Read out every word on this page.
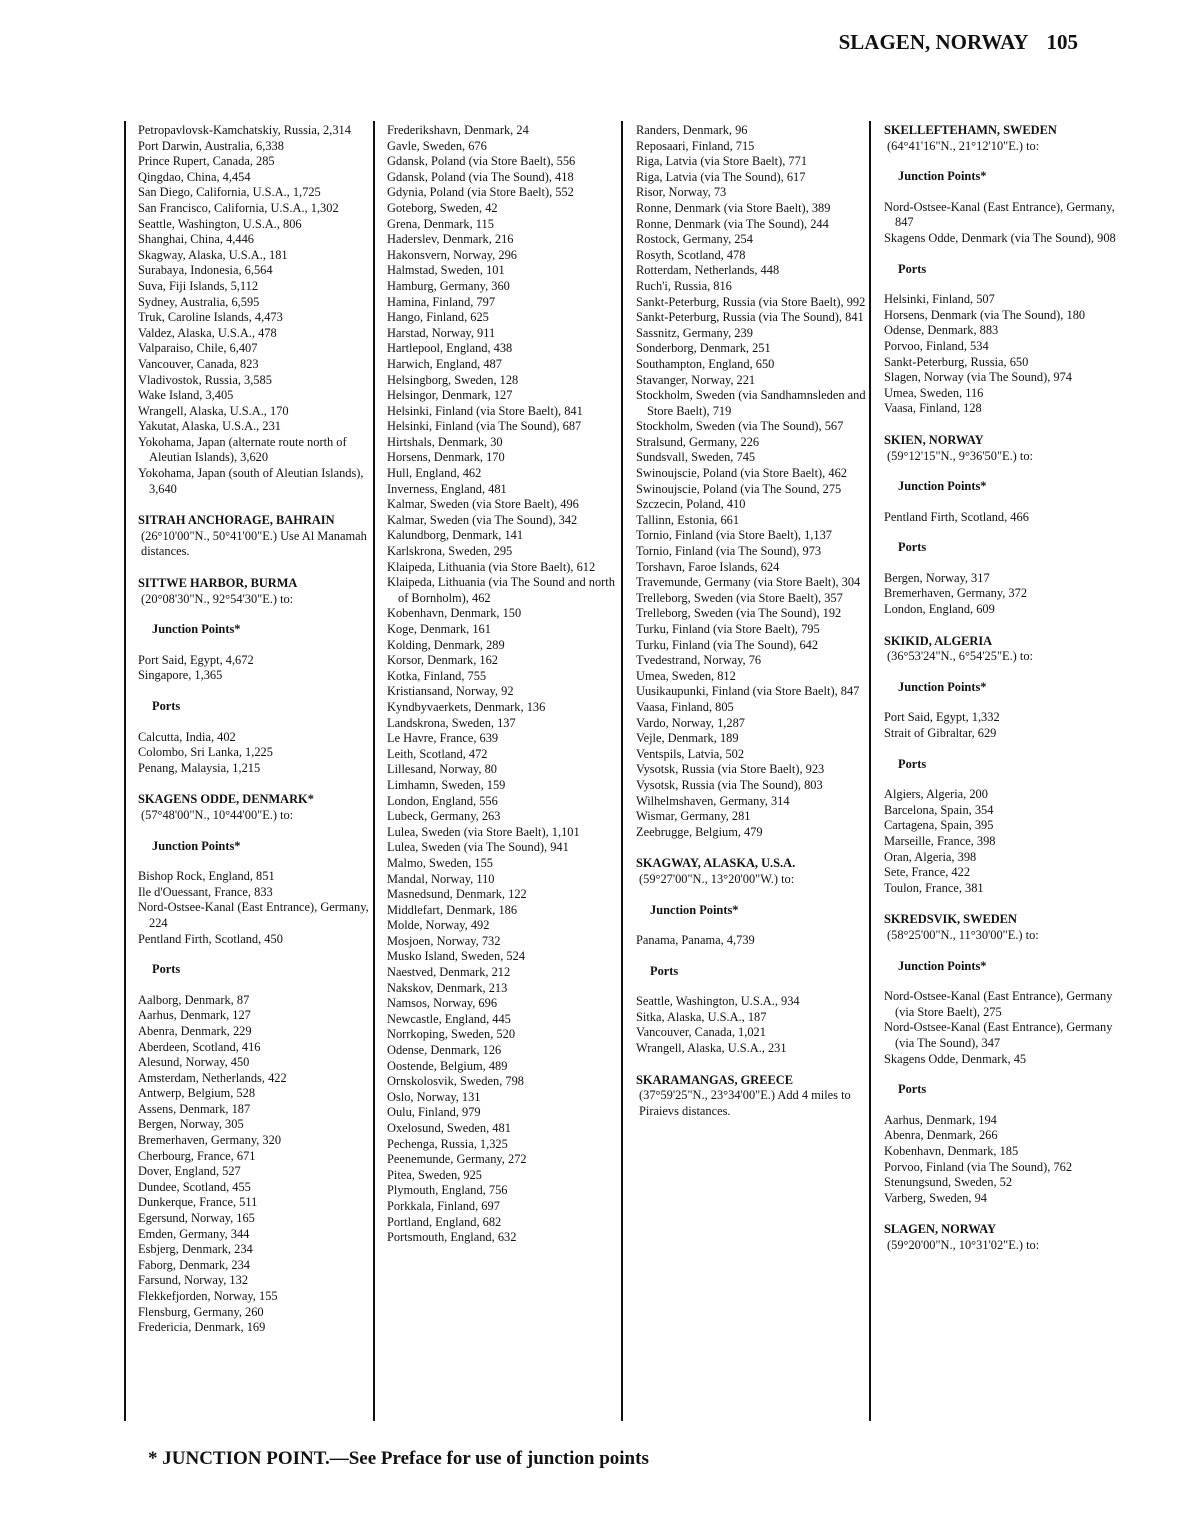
SLAGEN, NORWAY 105
Petropavlovsk-Kamchatskiy, Russia, 2,314
Port Darwin, Australia, 6,338
Prince Rupert, Canada, 285
Qingdao, China, 4,454
San Diego, California, U.S.A., 1,725
San Francisco, California, U.S.A., 1,302
Seattle, Washington, U.S.A., 806
Shanghai, China, 4,446
Skagway, Alaska, U.S.A., 181
Surabaya, Indonesia, 6,564
Suva, Fiji Islands, 5,112
Sydney, Australia, 6,595
Truk, Caroline Islands, 4,473
Valdez, Alaska, U.S.A., 478
Valparaiso, Chile, 6,407
Vancouver, Canada, 823
Vladivostok, Russia, 3,585
Wake Island, 3,405
Wrangell, Alaska, U.S.A., 170
Yakutat, Alaska, U.S.A., 231
Yokohama, Japan (alternate route north of Aleutian Islands), 3,620
Yokohama, Japan (south of Aleutian Islands), 3,640
SITRAH ANCHORAGE, BAHRAIN
(26°10'00"N., 50°41'00"E.) Use Al Manamah distances.
SITTWE HARBOR, BURMA
(20°08'30"N., 92°54'30"E.) to:
Junction Points*
Port Said, Egypt, 4,672
Singapore, 1,365
Ports
Calcutta, India, 402
Colombo, Sri Lanka, 1,225
Penang, Malaysia, 1,215
SKAGENS ODDE, DENMARK*
(57°48'00"N., 10°44'00"E.) to:
Junction Points*
Bishop Rock, England, 851
Ile d'Ouessant, France, 833
Nord-Ostsee-Kanal (East Entrance), Germany, 224
Pentland Firth, Scotland, 450
Ports
Aalborg, Denmark, 87
Aarhus, Denmark, 127
Abenra, Denmark, 229
Aberdeen, Scotland, 416
Alesund, Norway, 450
Amsterdam, Netherlands, 422
Antwerp, Belgium, 528
Assens, Denmark, 187
Bergen, Norway, 305
Bremerhaven, Germany, 320
Cherbourg, France, 671
Dover, England, 527
Dundee, Scotland, 455
Dunkerque, France, 511
Egersund, Norway, 165
Emden, Germany, 344
Esbjerg, Denmark, 234
Faborg, Denmark, 234
Farsund, Norway, 132
Flekkefjorden, Norway, 155
Flensburg, Germany, 260
Fredericia, Denmark, 169
Frederikshavn, Denmark, 24
Gavle, Sweden, 676
Gdansk, Poland (via Store Baelt), 556
Gdansk, Poland (via The Sound), 418
Gdynia, Poland (via Store Baelt), 552
Goteborg, Sweden, 42
Grena, Denmark, 115
Haderslev, Denmark, 216
Hakonsvern, Norway, 296
Halmstad, Sweden, 101
Hamburg, Germany, 360
Hamina, Finland, 797
Hango, Finland, 625
Harstad, Norway, 911
Hartlepool, England, 438
Harwich, England, 487
Helsingborg, Sweden, 128
Helsingor, Denmark, 127
Helsinki, Finland (via Store Baelt), 841
Helsinki, Finland (via The Sound), 687
Hirtshals, Denmark, 30
Horsens, Denmark, 170
Hull, England, 462
Inverness, England, 481
Kalmar, Sweden (via Store Baelt), 496
Kalmar, Sweden (via The Sound), 342
Kalundborg, Denmark, 141
Karlskrona, Sweden, 295
Klaipeda, Lithuania (via Store Baelt), 612
Klaipeda, Lithuania (via The Sound and north of Bornholm), 462
Kobenhavn, Denmark, 150
Koge, Denmark, 161
Kolding, Denmark, 289
Korsor, Denmark, 162
Kotka, Finland, 755
Kristiansand, Norway, 92
Kyndbyvaerkets, Denmark, 136
Landskrona, Sweden, 137
Le Havre, France, 639
Leith, Scotland, 472
Lillesand, Norway, 80
Limhamn, Sweden, 159
London, England, 556
Lubeck, Germany, 263
Lulea, Sweden (via Store Baelt), 1,101
Lulea, Sweden (via The Sound), 941
Malmo, Sweden, 155
Mandal, Norway, 110
Masnedsund, Denmark, 122
Middlefart, Denmark, 186
Molde, Norway, 492
Mosjoen, Norway, 732
Musko Island, Sweden, 524
Naestved, Denmark, 212
Nakskov, Denmark, 213
Namsos, Norway, 696
Newcastle, England, 445
Norrkoping, Sweden, 520
Odense, Denmark, 126
Oostende, Belgium, 489
Ornskolosvik, Sweden, 798
Oslo, Norway, 131
Oulu, Finland, 979
Oxelosund, Sweden, 481
Pechenga, Russia, 1,325
Peenemunde, Germany, 272
Pitea, Sweden, 925
Plymouth, England, 756
Porkkala, Finland, 697
Portland, England, 682
Portsmouth, England, 632
Randers, Denmark, 96
Reposaari, Finland, 715
Riga, Latvia (via Store Baelt), 771
Riga, Latvia (via The Sound), 617
Risor, Norway, 73
Ronne, Denmark (via Store Baelt), 389
Ronne, Denmark (via The Sound), 244
Rostock, Germany, 254
Rosyth, Scotland, 478
Rotterdam, Netherlands, 448
Ruch'i, Russia, 816
Sankt-Peterburg, Russia (via Store Baelt), 992
Sankt-Peterburg, Russia (via The Sound), 841
Sassnitz, Germany, 239
Sonderborg, Denmark, 251
Southampton, England, 650
Stavanger, Norway, 221
Stockholm, Sweden (via Sandhamnsleden and Store Baelt), 719
Stockholm, Sweden (via The Sound), 567
Stralsund, Germany, 226
Sundsvall, Sweden, 745
Swinoujscie, Poland (via Store Baelt), 462
Swinoujscie, Poland (via The Sound, 275
Szczecin, Poland, 410
Tallinn, Estonia, 661
Tornio, Finland (via Store Baelt), 1,137
Tornio, Finland (via The Sound), 973
Torshavn, Faroe Islands, 624
Travemunde, Germany (via Store Baelt), 304
Trelleborg, Sweden (via Store Baelt), 357
Trelleborg, Sweden (via The Sound), 192
Turku, Finland (via Store Baelt), 795
Turku, Finland (via The Sound), 642
Tvedestrand, Norway, 76
Umea, Sweden, 812
Uusikaupunki, Finland (via Store Baelt), 847
Vaasa, Finland, 805
Vardo, Norway, 1,287
Vejle, Denmark, 189
Ventspils, Latvia, 502
Vysotsk, Russia (via Store Baelt), 923
Vysotsk, Russia (via The Sound), 803
Wilhelmshaven, Germany, 314
Wismar, Germany, 281
Zeebrugge, Belgium, 479
SKAGWAY, ALASKA, U.S.A.
(59°27'00"N., 13°20'00"W.) to:
Junction Points*
Panama, Panama, 4,739
Ports
Seattle, Washington, U.S.A., 934
Sitka, Alaska, U.S.A., 187
Vancouver, Canada, 1,021
Wrangell, Alaska, U.S.A., 231
SKARAMANGAS, GREECE
(37°59'25"N., 23°34'00"E.) Add 4 miles to Piraievs distances.
SKELLEFTEHAMN, SWEDEN
(64°41'16"N., 21°12'10"E.) to:
Junction Points*
Nord-Ostsee-Kanal (East Entrance), Germany, 847
Skagens Odde, Denmark (via The Sound), 908
Ports
Helsinki, Finland, 507
Horsens, Denmark (via The Sound), 180
Odense, Denmark, 883
Porvoo, Finland, 534
Sankt-Peterburg, Russia, 650
Slagen, Norway (via The Sound), 974
Umea, Sweden, 116
Vaasa, Finland, 128
SKIEN, NORWAY
(59°12'15"N., 9°36'50"E.) to:
Junction Points*
Pentland Firth, Scotland, 466
Ports
Bergen, Norway, 317
Bremerhaven, Germany, 372
London, England, 609
SKIKID, ALGERIA
(36°53'24"N., 6°54'25"E.) to:
Junction Points*
Port Said, Egypt, 1,332
Strait of Gibraltar, 629
Ports
Algiers, Algeria, 200
Barcelona, Spain, 354
Cartagena, Spain, 395
Marseille, France, 398
Oran, Algeria, 398
Sete, France, 422
Toulon, France, 381
SKREDSVIK, SWEDEN
(58°25'00"N., 11°30'00"E.) to:
Junction Points*
Nord-Ostsee-Kanal (East Entrance), Germany (via Store Baelt), 275
Nord-Ostsee-Kanal (East Entrance), Germany (via The Sound), 347
Skagens Odde, Denmark, 45
Ports
Aarhus, Denmark, 194
Abenra, Denmark, 266
Kobenhavn, Denmark, 185
Porvoo, Finland (via The Sound), 762
Stenungsund, Sweden, 52
Varberg, Sweden, 94
SLAGEN, NORWAY
(59°20'00"N., 10°31'02"E.) to:
* JUNCTION POINT.—See Preface for use of junction points
